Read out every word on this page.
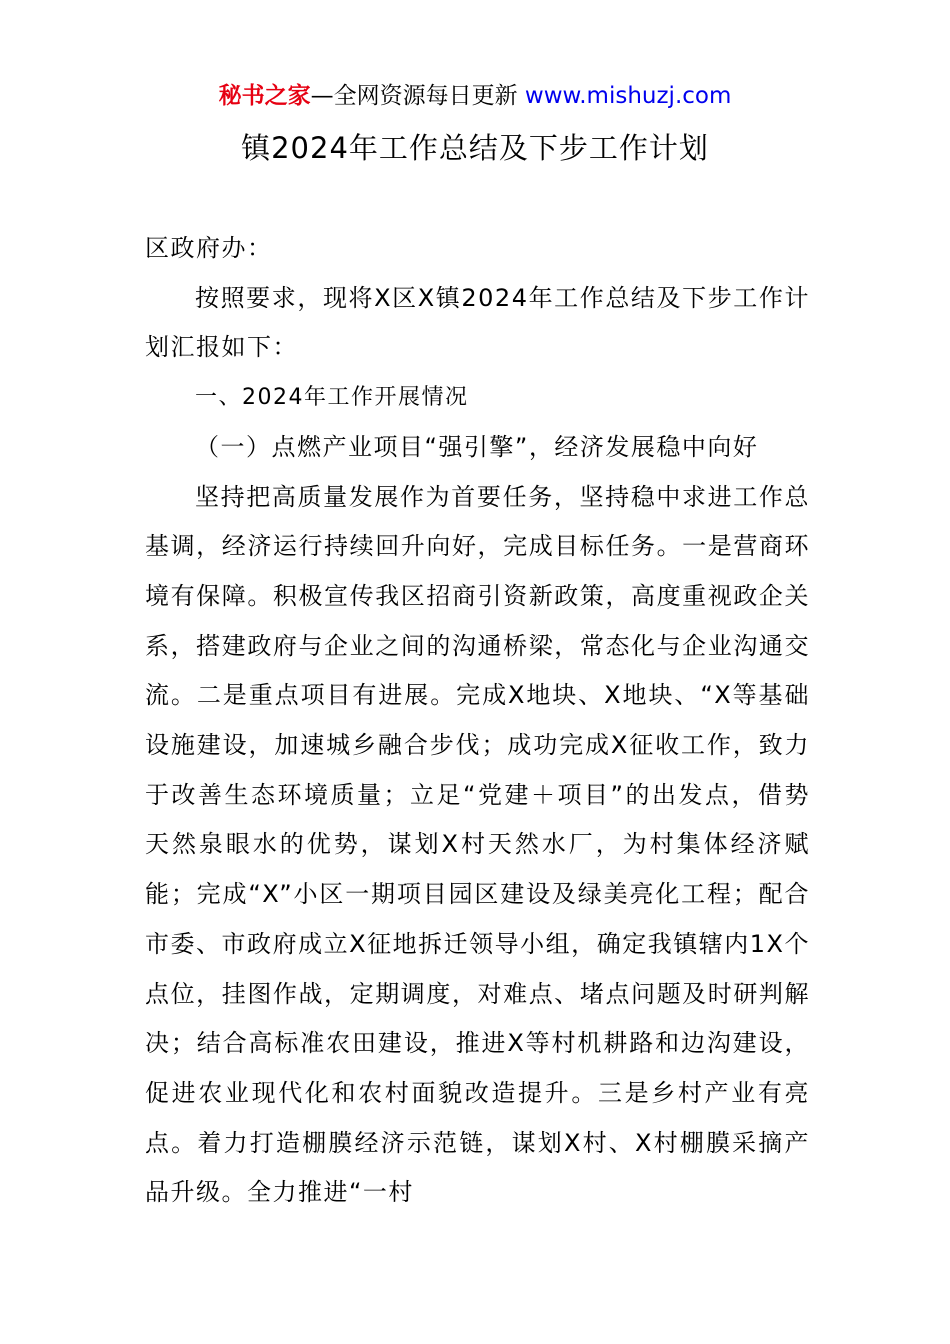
秘书之家—全网资源每日更新 www.mishuzj.com
镇2024年工作总结及下步工作计划

区政府办：

按照要求，现将X区X镇2024年工作总结及下步工作计划汇报如下：

一、2024年工作开展情况

（一）点燃产业项目“强引擎”，经济发展稳中向好

坚持把高质量发展作为首要任务，坚持稳中求进工作总基调，经济运行持续回升向好，完成目标任务。一是营商环境有保障。积极宣传我区招商引资新政策，高度重视政企关系，搭建政府与企业之间的沟通桥梁，常态化与企业沟通交流。二是重点项目有进展。完成X地块、X地块、“X等基础设施建设，加速城乡融合步伐；成功完成X征收工作，致力于改善生态环境质量；立足“党建＋项目”的出发点，借势天然泉眼水的优势，谋划X村天然水厂，为村集体经济赋能；完成“X”小区一期项目园区建设及绿美亮化工程；配合市委、市政府成立X征地拆迁领导小组，确定我镇辖内1X个点位，挂图作战，定期调度，对难点、堵点问题及时研判解决；结合高标准农田建设，推进X等村机耕路和边沟建设，促进农业现代化和农村面貌改造提升。三是乡村产业有亮点。着力打造棚膜经济示范链，谋划X村、X村棚膜采摘产品升级。全力推进“一村
